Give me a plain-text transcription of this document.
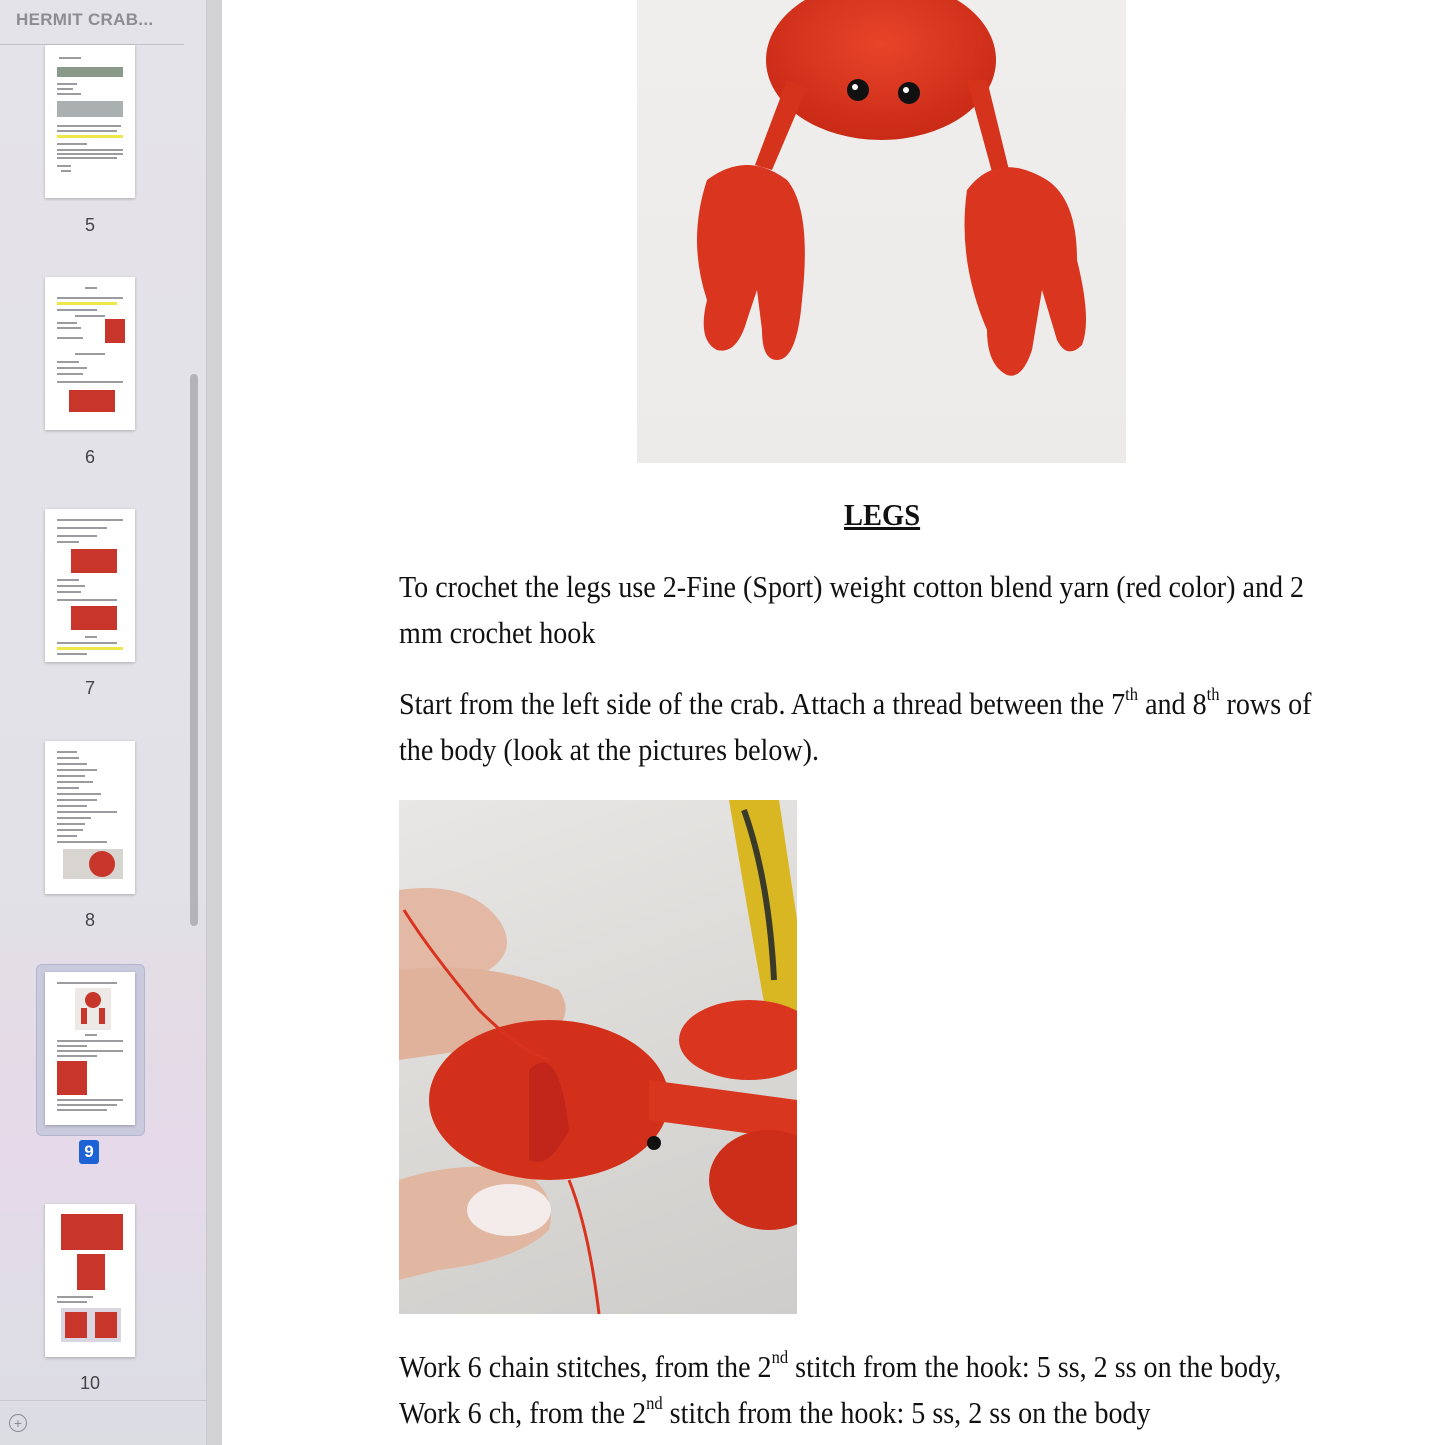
HERMIT CRAB...
5
6
7
8
9
10
+
LEGS
To crochet the legs use 2-Fine (Sport) weight cotton blend yarn (red color) and 2
mm crochet hook
Start from the left side of the crab. Attach a thread between the 7th and 8th rows of
the body (look at the pictures below).
Work 6 chain stitches, from the 2nd stitch from the hook: 5 ss, 2 ss on the body,
Work 6 ch, from the 2nd stitch from the hook: 5 ss, 2 ss on the body
